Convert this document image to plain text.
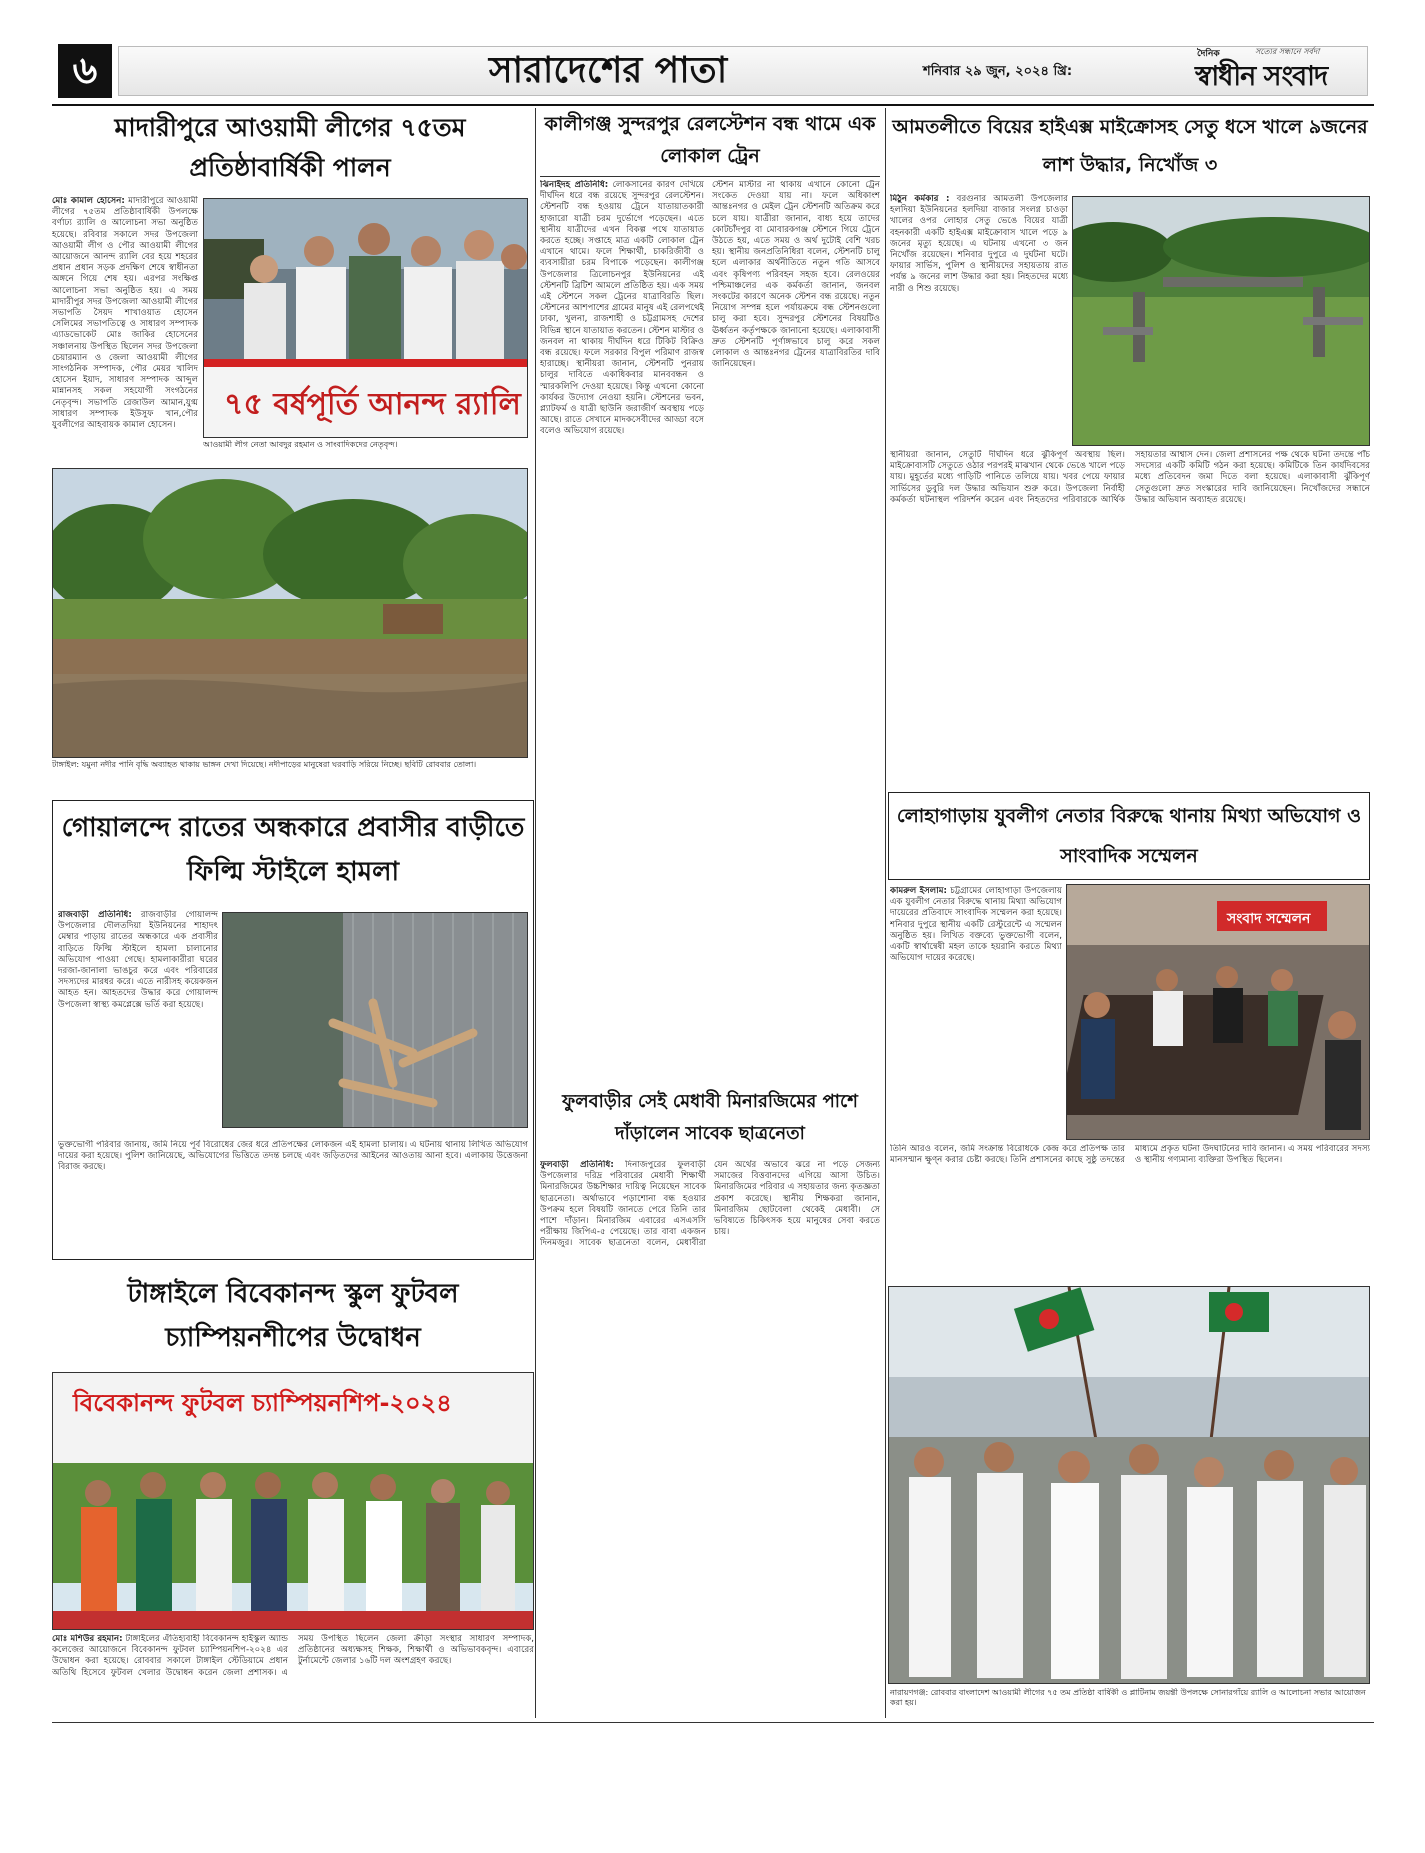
৬	সারাদেশের পাতা	শনিবার ২৯ জুন, ২০২৪ খ্রি:
দৈনিক	সত্যের সন্ধানে সর্বদা
স্বাধীন সংবাদ
মাদারীপুরে আওয়ামী লীগের ৭৫তম প্রতিষ্ঠাবার্ষিকী পালন
মোঃ কামাল হোসেন: মাদারীপুরে আওয়ামী লীগের ৭৫তম প্রতিষ্ঠাবার্ষিকী উপলক্ষে বর্ণাঢ্য র‍্যালি ও আলোচনা সভা অনুষ্ঠিত হয়েছে। রবিবার সকালে সদর উপজেলা আওয়ামী লীগ ও পৌর আওয়ামী লীগের আয়োজনে আনন্দ র‍্যালি বের হয়ে শহরের প্রধান প্রধান সড়ক প্রদক্ষিণ শেষে স্বাধীনতা অঙ্গনে গিয়ে শেষ হয়। এরপর সংক্ষিপ্ত আলোচনা সভা অনুষ্ঠিত হয়। এ সময় মাদারীপুর সদর উপজেলা আওয়ামী লীগের সভাপতি সৈয়দ শাখাওয়াত হোসেন সেলিমের সভাপতিত্বে ও সাধারণ সম্পাদক এ্যাডভোকেট মোঃ জাকির হোসেনের সঞ্চালনায় উপস্থিত ছিলেন সদর উপজেলা চেয়ারম্যান ও জেলা আওয়ামী লীগের সাংগঠনিক সম্পাদক, পৌর মেয়র খালিদ হোসেন ইয়াদ, সাধারণ সম্পাদক আব্দুল মান্নানসহ সকল সহযোগী সংগঠনের নেতৃবৃন্দ। সভাপতি রেজাউল আমান,যুগ্ম সাধারণ সম্পাদক ইউসুফ খান,পৌর যুবলীগের আহবায়ক কামাল হোসেন।
৭৫ বর্ষপূর্তি আনন্দ র‍্যালি
আওয়ামী লীগ নেতা আবদুর রহমান ও সাংবাদিকদের নেতৃবৃন্দ।
টাঙ্গাইল: যমুনা নদীর পানি বৃদ্ধি অব্যাহত থাকায় ভাঙ্গন দেখা দিয়েছে। নদীপাড়ের মানুষেরা ঘরবাড়ি সরিয়ে নিচ্ছে। ছবিটি রোববার তোলা।
গোয়ালন্দে রাতের অন্ধকারে প্রবাসীর বাড়ীতে ফিল্মি স্টাইলে হামলা
রাজবাড়ী প্রতিনিধি: রাজবাড়ীর গোয়ালন্দ উপজেলার দৌলতদিয়া ইউনিয়নের শাহাদৎ মেম্বার পাড়ায় রাতের অন্ধকারে এক প্রবাসীর বাড়িতে ফিল্মি স্টাইলে হামলা চালানোর অভিযোগ পাওয়া গেছে। হামলাকারীরা ঘরের দরজা-জানালা ভাঙচুর করে এবং পরিবারের সদস্যদের মারধর করে। এতে নারীসহ কয়েকজন আহত হন। আহতদের উদ্ধার করে গোয়ালন্দ উপজেলা স্বাস্থ্য কমপ্লেক্সে ভর্তি করা হয়েছে।
ভুক্তভোগী পরিবার জানায়, জমি নিয়ে পূর্ব বিরোধের জের ধরে প্রতিপক্ষের লোকজন এই হামলা চালায়। এ ঘটনায় থানায় লিখিত অভিযোগ দায়ের করা হয়েছে। পুলিশ জানিয়েছে, অভিযোগের ভিত্তিতে তদন্ত চলছে এবং জড়িতদের আইনের আওতায় আনা হবে। এলাকায় উত্তেজনা বিরাজ করছে।
টাঙ্গাইলে বিবেকানন্দ স্কুল ফুটবল চ্যাম্পিয়নশীপের উদ্বোধন
বিবেকানন্দ ফুটবল চ্যাম্পিয়নশিপ-২০২৪
মোঃ মশিউর রহমান: টাঙ্গাইলের ঐতিহ্যবাহী বিবেকানন্দ হাইস্কুল অ্যান্ড কলেজের আয়োজনে বিবেকানন্দ ফুটবল চ্যাম্পিয়নশিপ-২০২৪ এর উদ্বোধন করা হয়েছে। রোববার সকালে টাঙ্গাইল স্টেডিয়ামে প্রধান অতিথি হিসেবে ফুটবল খেলার উদ্বোধন করেন জেলা প্রশাসক। এ সময় উপস্থিত ছিলেন জেলা ক্রীড়া সংস্থার সাধারণ সম্পাদক, প্রতিষ্ঠানের অধ্যক্ষসহ শিক্ষক, শিক্ষার্থী ও অভিভাবকবৃন্দ। এবারের টুর্নামেন্টে জেলার ১৬টি দল অংশগ্রহণ করছে।
কালীগঞ্জ সুন্দরপুর রেলস্টেশন বন্ধ থামে এক লোকাল ট্রেন
ঝিনাইদহ প্রতিনিধি: লোকসানের কারণ দেখিয়ে দীর্ঘদিন ধরে বন্ধ রয়েছে সুন্দরপুর রেলস্টেশন। স্টেশনটি বন্ধ হওয়ায় ট্রেনে যাতায়াতকারী হাজারো যাত্রী চরম দুর্ভোগে পড়েছেন। এতে স্থানীয় যাত্রীদের এখন বিকল্প পথে যাতায়াত করতে হচ্ছে। সপ্তাহে মাত্র একটি লোকাল ট্রেন এখানে থামে। ফলে শিক্ষার্থী, চাকরিজীবী ও ব্যবসায়ীরা চরম বিপাকে পড়েছেন। কালীগঞ্জ উপজেলার ত্রিলোচনপুর ইউনিয়নের এই স্টেশনটি ব্রিটিশ আমলে প্রতিষ্ঠিত হয়। এক সময় এই স্টেশনে সকল ট্রেনের যাত্রাবিরতি ছিল। স্টেশনের আশপাশের গ্রামের মানুষ এই রেলপথেই ঢাকা, খুলনা, রাজশাহী ও চট্টগ্রামসহ দেশের বিভিন্ন স্থানে যাতায়াত করতেন। স্টেশন মাস্টার ও জনবল না থাকায় দীর্ঘদিন ধরে টিকিট বিক্রিও বন্ধ রয়েছে। ফলে সরকার বিপুল পরিমাণ রাজস্ব হারাচ্ছে। স্থানীয়রা জানান, স্টেশনটি পুনরায় চালুর দাবিতে একাধিকবার মানববন্ধন ও স্মারকলিপি দেওয়া হয়েছে। কিন্তু এখনো কোনো কার্যকর উদ্যোগ নেওয়া হয়নি। স্টেশনের ভবন, প্ল্যাটফর্ম ও যাত্রী ছাউনি জরাজীর্ণ অবস্থায় পড়ে আছে। রাতে সেখানে মাদকসেবীদের আড্ডা বসে বলেও অভিযোগ রয়েছে।
স্টেশন মাস্টার না থাকায় এখানে কোনো ট্রেন সংকেত দেওয়া যায় না। ফলে অধিকাংশ আন্তঃনগর ও মেইল ট্রেন স্টেশনটি অতিক্রম করে চলে যায়। যাত্রীরা জানান, বাধ্য হয়ে তাদের কোটচাঁদপুর বা মোবারকগঞ্জ স্টেশনে গিয়ে ট্রেনে উঠতে হয়, এতে সময় ও অর্থ দুটোই বেশি খরচ হয়। স্থানীয় জনপ্রতিনিধিরা বলেন, স্টেশনটি চালু হলে এলাকার অর্থনীতিতে নতুন গতি আসবে এবং কৃষিপণ্য পরিবহন সহজ হবে। রেলওয়ের পশ্চিমাঞ্চলের এক কর্মকর্তা জানান, জনবল সংকটের কারণে অনেক স্টেশন বন্ধ রয়েছে। নতুন নিয়োগ সম্পন্ন হলে পর্যায়ক্রমে বন্ধ স্টেশনগুলো চালু করা হবে। সুন্দরপুর স্টেশনের বিষয়টিও ঊর্ধ্বতন কর্তৃপক্ষকে জানানো হয়েছে। এলাকাবাসী দ্রুত স্টেশনটি পূর্ণাঙ্গভাবে চালু করে সকল লোকাল ও আন্তঃনগর ট্রেনের যাত্রাবিরতির দাবি জানিয়েছেন।
ফুলবাড়ীর সেই মেধাবী মিনারজিমের পাশে দাঁড়ালেন সাবেক ছাত্রনেতা
ফুলবাড়ী প্রতিনিধি: দিনাজপুরের ফুলবাড়ী উপজেলার দরিদ্র পরিবারের মেধাবী শিক্ষার্থী মিনারজিমের উচ্চশিক্ষার দায়িত্ব নিয়েছেন সাবেক ছাত্রনেতা। অর্থাভাবে পড়াশোনা বন্ধ হওয়ার উপক্রম হলে বিষয়টি জানতে পেরে তিনি তার পাশে দাঁড়ান। মিনারজিম এবারের এসএসসি পরীক্ষায় জিপিএ-৫ পেয়েছে। তার বাবা একজন দিনমজুর। সাবেক ছাত্রনেতা বলেন, মেধাবীরা যেন অর্থের অভাবে ঝরে না পড়ে সেজন্য সমাজের বিত্তবানদের এগিয়ে আসা উচিত। মিনারজিমের পরিবার এ সহায়তার জন্য কৃতজ্ঞতা প্রকাশ করেছে। স্থানীয় শিক্ষকরা জানান, মিনারজিম ছোটবেলা থেকেই মেধাবী। সে ভবিষ্যতে চিকিৎসক হয়ে মানুষের সেবা করতে চায়।
আমতলীতে বিয়ের হাইএক্স মাইক্রোসহ সেতু ধসে খালে ৯জনের লাশ উদ্ধার, নিখোঁজ ৩
মিঠুন কর্মকার : বরগুনার আমতলী উপজেলার হলদিয়া ইউনিয়নের হলদিয়া বাজার সংলগ্ন চাওড়া খালের ওপর লোহার সেতু ভেঙে বিয়ের যাত্রী বহনকারী একটি হাইএক্স মাইক্রোবাস খালে পড়ে ৯ জনের মৃত্যু হয়েছে। এ ঘটনায় এখনো ৩ জন নিখোঁজ রয়েছেন। শনিবার দুপুরে এ দুর্ঘটনা ঘটে। ফায়ার সার্ভিস, পুলিশ ও স্থানীয়দের সহায়তায় রাত পর্যন্ত ৯ জনের লাশ উদ্ধার করা হয়। নিহতদের মধ্যে নারী ও শিশু রয়েছে।
স্থানীয়রা জানান, সেতুটি দীর্ঘদিন ধরে ঝুঁকিপূর্ণ অবস্থায় ছিল। মাইক্রোবাসটি সেতুতে ওঠার পরপরই মাঝখান থেকে ভেঙে খালে পড়ে যায়। মুহূর্তের মধ্যে গাড়িটি পানিতে তলিয়ে যায়। খবর পেয়ে ফায়ার সার্ভিসের ডুবুরি দল উদ্ধার অভিযান শুরু করে। উপজেলা নির্বাহী কর্মকর্তা ঘটনাস্থল পরিদর্শন করেন এবং নিহতদের পরিবারকে আর্থিক সহায়তার আশ্বাস দেন। জেলা প্রশাসনের পক্ষ থেকে ঘটনা তদন্তে পাঁচ সদস্যের একটি কমিটি গঠন করা হয়েছে। কমিটিকে তিন কার্যদিবসের মধ্যে প্রতিবেদন জমা দিতে বলা হয়েছে। এলাকাবাসী ঝুঁকিপূর্ণ সেতুগুলো দ্রুত সংস্কারের দাবি জানিয়েছেন। নিখোঁজদের সন্ধানে উদ্ধার অভিযান অব্যাহত রয়েছে।
লোহাগাড়ায় যুবলীগ নেতার বিরুদ্ধে থানায় মিথ্যা অভিযোগ ও সাংবাদিক সম্মেলন
কামরুল ইসলাম: চট্টগ্রামের লোহাগাড়া উপজেলায় এক যুবলীগ নেতার বিরুদ্ধে থানায় মিথ্যা অভিযোগ দায়েরের প্রতিবাদে সাংবাদিক সম্মেলন করা হয়েছে। শনিবার দুপুরে স্থানীয় একটি রেস্টুরেন্টে এ সম্মেলন অনুষ্ঠিত হয়। লিখিত বক্তব্যে ভুক্তভোগী বলেন, একটি স্বার্থান্বেষী মহল তাকে হয়রানি করতে মিথ্যা অভিযোগ দায়ের করেছে।
সংবাদ সম্মেলন
তিনি আরও বলেন, জমি সংক্রান্ত বিরোধকে কেন্দ্র করে প্রতিপক্ষ তার মানসম্মান ক্ষুণ্ন করার চেষ্টা করছে। তিনি প্রশাসনের কাছে সুষ্ঠু তদন্তের মাধ্যমে প্রকৃত ঘটনা উদঘাটনের দাবি জানান। এ সময় পরিবারের সদস্য ও স্থানীয় গণ্যমান্য ব্যক্তিরা উপস্থিত ছিলেন।
নারায়ণগঞ্জ: রোববার বাংলাদেশ আওয়ামী লীগের ৭৫ তম প্রতিষ্ঠা বার্ষিকী ও প্লাটিনাম জয়ন্তী উপলক্ষে সোনারগাঁয়ে র‍্যালি ও আলোচনা সভার আয়োজন করা হয়।
